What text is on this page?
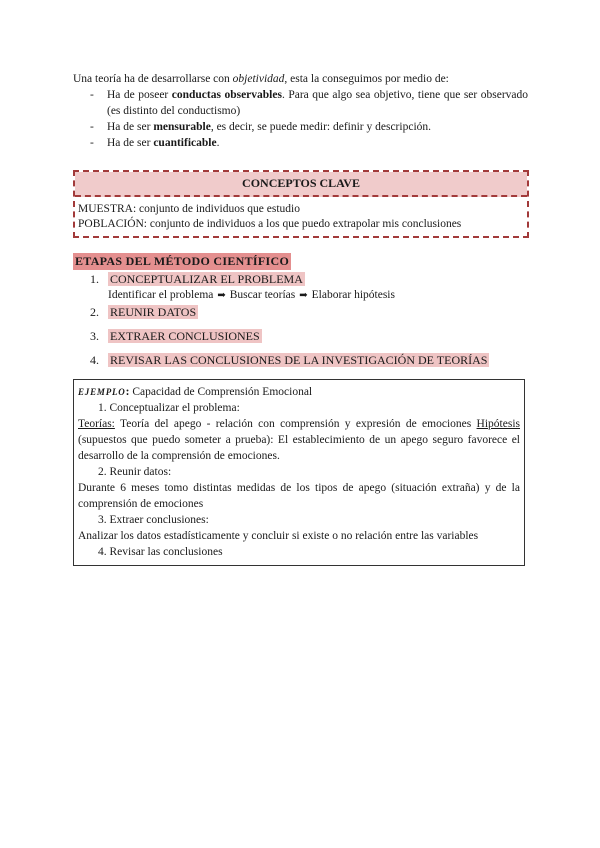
Una teoría ha de desarrollarse con objetividad, esta la conseguimos por medio de:
- Ha de poseer conductas observables. Para que algo sea objetivo, tiene que ser observado (es distinto del conductismo)
- Ha de ser mensurable, es decir, se puede medir: definir y descripción.
- Ha de ser cuantificable.
CONCEPTOS CLAVE
MUESTRA: conjunto de individuos que estudio
POBLACIÓN: conjunto de individuos a los que puedo extrapolar mis conclusiones
ETAPAS DEL MÉTODO CIENTÍFICO
1. CONCEPTUALIZAR EL PROBLEMA
Identificar el problema ➡ Buscar teorías ➡ Elaborar hipótesis
2. REUNIR DATOS
3. EXTRAER CONCLUSIONES
4. REVISAR LAS CONCLUSIONES DE LA INVESTIGACIÓN DE TEORÍAS
EJEMPLO: Capacidad de Comprensión Emocional
1. Conceptualizar el problema:
Teorías: Teoría del apego - relación con comprensión y expresión de emociones Hipótesis (supuestos que puedo someter a prueba): El establecimiento de un apego seguro favorece el desarrollo de la comprensión de emociones.
2. Reunir datos:
Durante 6 meses tomo distintas medidas de los tipos de apego (situación extraña) y de la comprensión de emociones
3. Extraer conclusiones:
Analizar los datos estadísticamente y concluir si existe o no relación entre las variables
4. Revisar las conclusiones
